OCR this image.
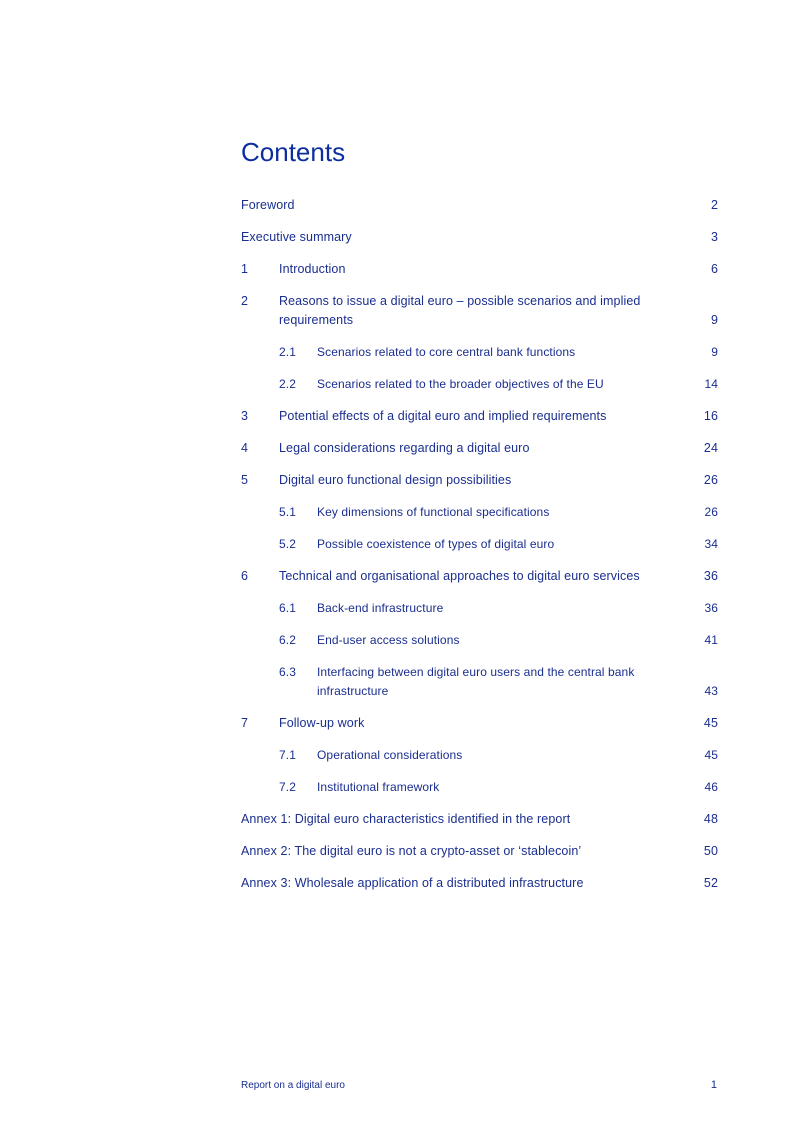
Contents
Foreword	2
Executive summary	3
1 Introduction	6
2 Reasons to issue a digital euro – possible scenarios and implied requirements	9
2.1 Scenarios related to core central bank functions	9
2.2 Scenarios related to the broader objectives of the EU	14
3 Potential effects of a digital euro and implied requirements	16
4 Legal considerations regarding a digital euro	24
5 Digital euro functional design possibilities	26
5.1 Key dimensions of functional specifications	26
5.2 Possible coexistence of types of digital euro	34
6 Technical and organisational approaches to digital euro services	36
6.1 Back-end infrastructure	36
6.2 End-user access solutions	41
6.3 Interfacing between digital euro users and the central bank infrastructure	43
7 Follow-up work	45
7.1 Operational considerations	45
7.2 Institutional framework	46
Annex 1: Digital euro characteristics identified in the report	48
Annex 2: The digital euro is not a crypto-asset or ‘stablecoin’	50
Annex 3: Wholesale application of a distributed infrastructure	52
Report on a digital euro	1
